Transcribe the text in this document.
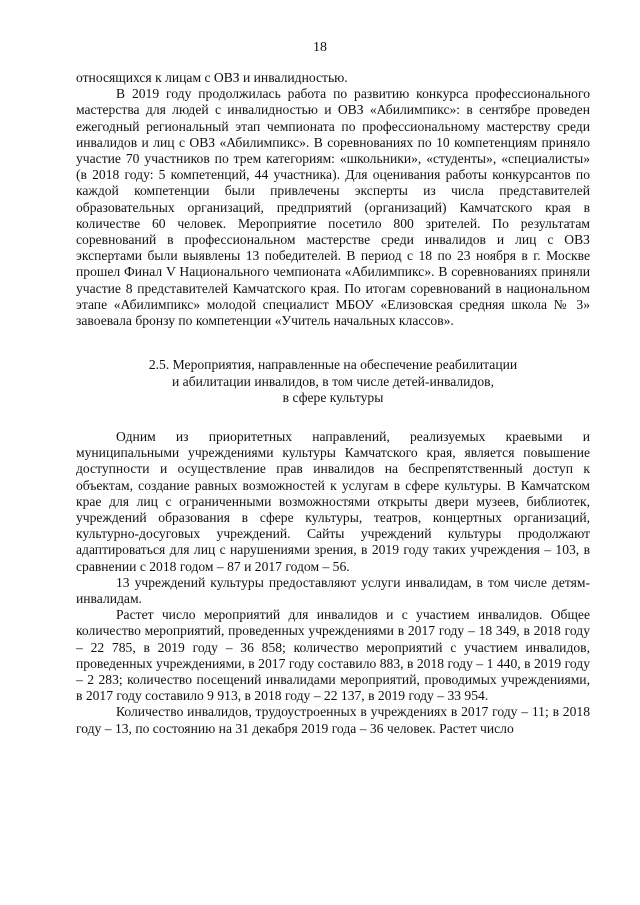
18

относящихся к лицам с ОВЗ и инвалидностью.

В 2019 году продолжилась работа по развитию конкурса профессионального мастерства для людей с инвалидностью и ОВЗ «Абилимпикс»: в сентябре проведен ежегодный региональный этап чемпионата по профессиональному мастерству среди инвалидов и лиц с ОВЗ «Абилимпикс». В соревнованиях по 10 компетенциям приняло участие 70 участников по трем категориям: «школьники», «студенты», «специалисты» (в 2018 году: 5 компетенций, 44 участника). Для оценивания работы конкурсантов по каждой компетенции были привлечены эксперты из числа представителей образовательных организаций, предприятий (организаций) Камчатского края в количестве 60 человек. Мероприятие посетило 800 зрителей. По результатам соревнований в профессиональном мастерстве среди инвалидов и лиц с ОВЗ экспертами были выявлены 13 победителей. В период с 18 по 23 ноября в г. Москве прошел Финал V Национального чемпионата «Абилимпикс». В соревнованиях приняли участие 8 представителей Камчатского края. По итогам соревнований в национальном этапе «Абилимпикс» молодой специалист МБОУ «Елизовская средняя школа № 3» завоевала бронзу по компетенции «Учитель начальных классов».

2.5. Мероприятия, направленные на обеспечение реабилитации
и абилитации инвалидов, в том числе детей-инвалидов,
в сфере культуры

Одним из приоритетных направлений, реализуемых краевыми и муниципальными учреждениями культуры Камчатского края, является повышение доступности и осуществление прав инвалидов на беспрепятственный доступ к объектам, создание равных возможностей к услугам в сфере культуры. В Камчатском крае для лиц с ограниченными возможностями открыты двери музеев, библиотек, учреждений образования в сфере культуры, театров, концертных организаций, культурно-досуговых учреждений. Сайты учреждений культуры продолжают адаптироваться для лиц с нарушениями зрения, в 2019 году таких учреждения – 103, в сравнении с 2018 годом – 87 и 2017 годом – 56.

13 учреждений культуры предоставляют услуги инвалидам, в том числе детям-инвалидам.

Растет число мероприятий для инвалидов и с участием инвалидов. Общее количество мероприятий, проведенных учреждениями в 2017 году – 18 349, в 2018 году – 22 785, в 2019 году – 36 858; количество мероприятий с участием инвалидов, проведенных учреждениями, в 2017 году составило 883, в 2018 году – 1 440, в 2019 году – 2 283; количество посещений инвалидами мероприятий, проводимых учреждениями, в 2017 году составило 9 913, в 2018 году – 22 137, в 2019 году – 33 954.

Количество инвалидов, трудоустроенных в учреждениях в 2017 году – 11; в 2018 году – 13, по состоянию на 31 декабря 2019 года – 36 человек. Растет число
